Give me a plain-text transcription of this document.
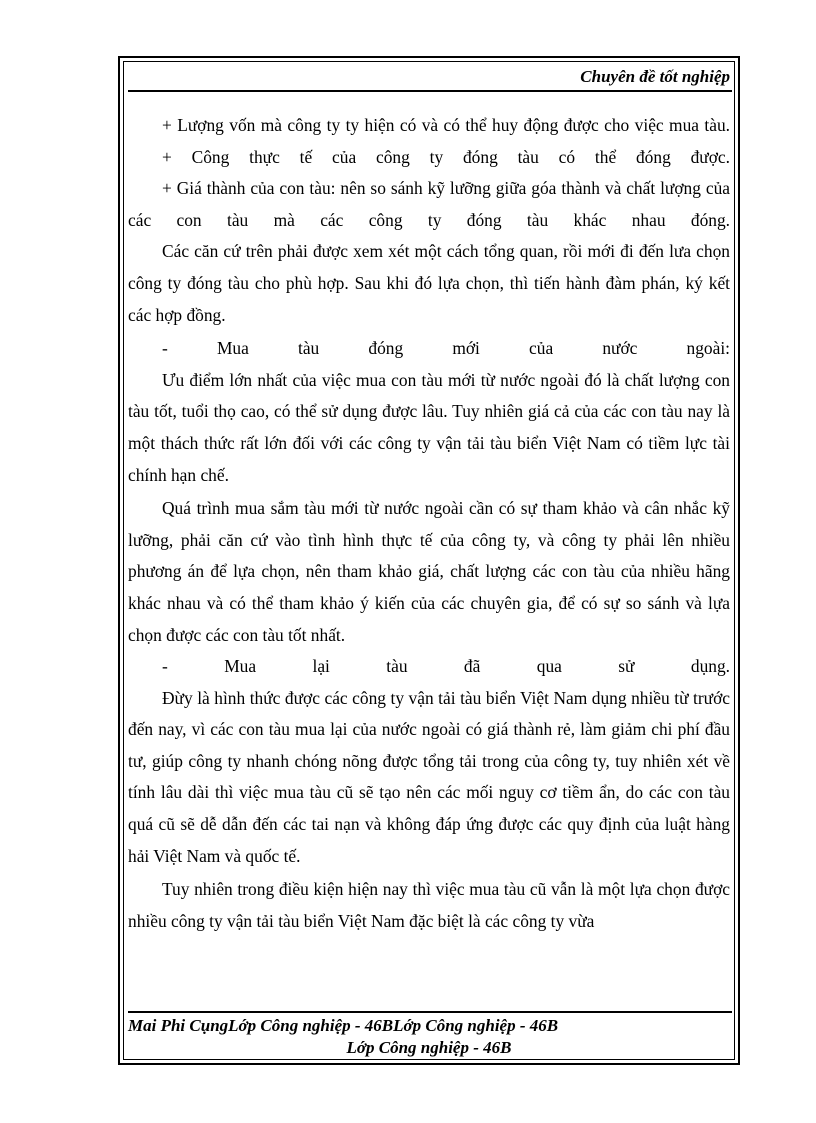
Chuyên đề tốt nghiệp

+ Lượng vốn mà công ty ty hiện có và có thể huy động được cho việc mua tàu.

+ Công thực tế của công ty đóng tàu có thể đóng được.

+ Giá thành của con tàu: nên so sánh kỹ lưỡng giữa góa thành và chất lượng của các con tàu mà các công ty đóng tàu khác nhau đóng.

Các căn cứ trên phải được xem xét một cách tổng quan, rồi mới đi đến lưa chọn công ty đóng tàu cho phù hợp. Sau khi đó lựa chọn, thì tiến hành đàm phán, ký kết các hợp đồng.

- Mua tàu đóng mới của nước ngoài:

Ưu điểm lớn nhất của việc mua con tàu mới từ nước ngoài đó là chất lượng con tàu tốt, tuổi thọ cao, có thể sử dụng được lâu. Tuy nhiên giá cả của các con tàu nay là một thách thức rất lớn đối với các công ty vận tải tàu biển Việt Nam có tiềm lực tài chính hạn chế.

Quá trình mua sắm tàu mới từ nước ngoài cần có sự tham khảo và cân nhắc kỹ lưỡng, phải căn cứ vào tình hình thực tế của công ty, và công ty phải lên nhiều phương án để lựa chọn, nên tham khảo giá, chất lượng các con tàu của nhiều hãng khác nhau và có thể tham khảo ý kiến của các chuyên gia, để có sự so sánh và lựa chọn được các con tàu tốt nhất.

- Mua lại tàu đã qua sử dụng.

Đừy là hình thức được các công ty vận tải tàu biển Việt Nam dụng nhiều từ trước đến nay, vì các con tàu mua lại của nước ngoài có giá thành rẻ, làm giảm chi phí đầu tư, giúp công ty nhanh chóng nõng được tổng tải trong của công ty, tuy nhiên xét về tính lâu dài thì việc mua tàu cũ sẽ tạo nên các mối nguy cơ tiềm ẩn, do các con tàu quá cũ sẽ dễ dẫn đến các tai nạn và không đáp ứng được các quy định của luật hàng hải Việt Nam và quốc tế.

Tuy nhiên trong điều kiện hiện nay thì việc mua tàu cũ vẫn là một lựa chọn được nhiều công ty vận tải tàu biển Việt Nam đặc biệt là các công ty vừa

Mai Phi CụngLớp Công nghiệp - 46BLớp Công nghiệp - 46B
Lớp Công nghiệp - 46B
